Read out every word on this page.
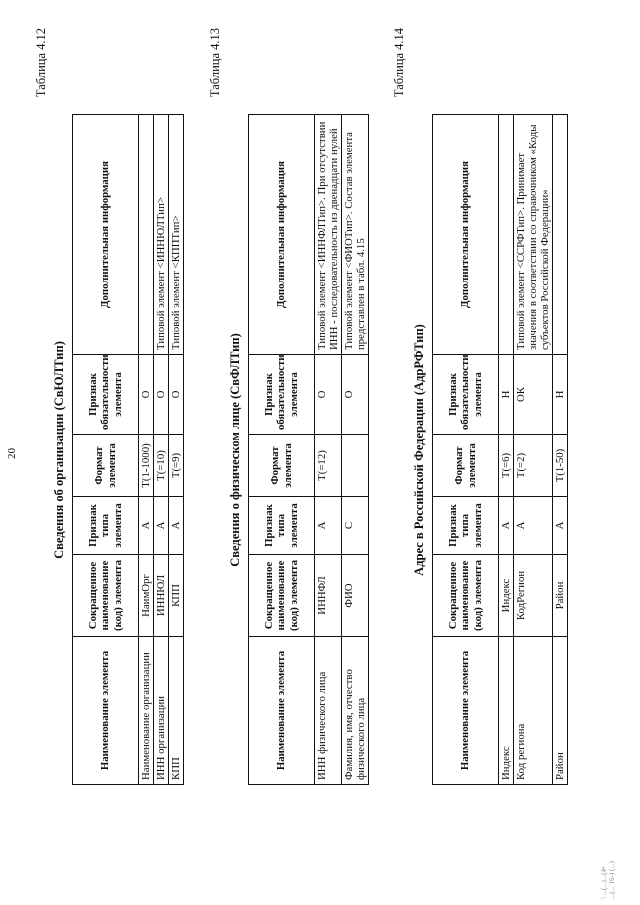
20
Таблица 4.12
Сведения об организации (СвЮЛТип)
Наименование элемента	Сокращенное наименование (код) элемента	Признак типа элемента	Формат элемента	Признак обязательности элемента	Дополнительная информация
Наименование организации	НаимОрг	А	Т(1-1000)	О	
ИНН организации	ИННЮЛ	А	Т(=10)	О	Типовой элемент <ИННЮЛТип>
КПП	КПП	А	Т(=9)	О	Типовой элемент <КППТип>
Таблица 4.13
Сведения о физическом лице (СвФЛТип)
Наименование элемента	Сокращенное наименование (код) элемента	Признак типа элемента	Формат элемента	Признак обязательности элемента	Дополнительная информация
ИНН физического лица	ИННФЛ	А	Т(=12)	О	Типовой элемент <ИННФЛТип>. При отсутствии ИНН - последовательность из двенадцати нулей
Фамилия, имя, отчество физического лица	ФИО	С		О	Типовой элемент <ФИОТип>. Состав элемента представлен в табл. 4.15
Таблица 4.14
Адрес в Российской Федерации (АдрРФТип)
Наименование элемента	Сокращенное наименование (код) элемента	Признак типа элемента	Формат элемента	Признак обязательности элемента	Дополнительная информация
Индекс	Индекс	А	Т(=6)	Н	
Код региона	КодРегион	А	Т(=2)	ОК	Типовой элемент <ССРФТип>. Принимает значения в соответствии со справочником «Коды субъектов Российской Федерации»
Район	Район	А	Т(1-50)	Н	
\ ...(...)...(4• ...(... 16-) (...)
